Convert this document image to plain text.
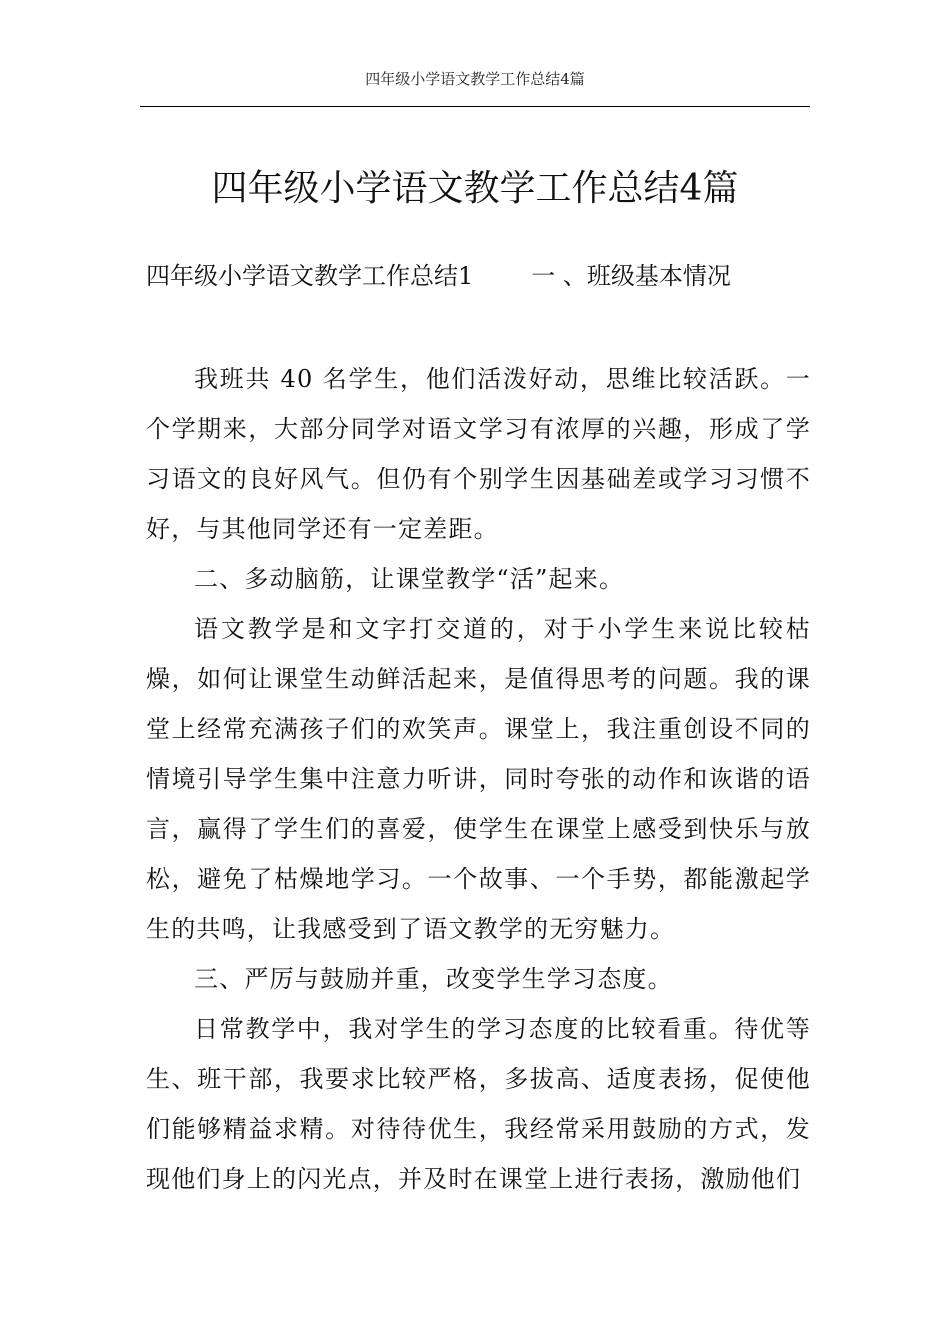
四年级小学语文教学工作总结4篇
四年级小学语文教学工作总结4篇
四年级小学语文教学工作总结1 一 、班级基本情况

我班共 40 名学生，他们活泼好动，思维比较活跃。一个学期来，大部分同学对语文学习有浓厚的兴趣，形成了学习语文的良好风气。但仍有个别学生因基础差或学习习惯不好，与其他同学还有一定差距。

二、多动脑筋，让课堂教学“活”起来。

语文教学是和文字打交道的，对于小学生来说比较枯燥，如何让课堂生动鲜活起来，是值得思考的问题。我的课堂上经常充满孩子们的欢笑声。课堂上，我注重创设不同的情境引导学生集中注意力听讲，同时夸张的动作和诙谐的语言，赢得了学生们的喜爱，使学生在课堂上感受到快乐与放松，避免了枯燥地学习。一个故事、一个手势，都能激起学生的共鸣，让我感受到了语文教学的无穷魅力。

三、严厉与鼓励并重，改变学生学习态度。

日常教学中，我对学生的学习态度的比较看重。待优等生、班干部，我要求比较严格，多拔高、适度表扬，促使他们能够精益求精。对待待优生，我经常采用鼓励的方式，发现他们身上的闪光点，并及时在课堂上进行表扬，激励他们
